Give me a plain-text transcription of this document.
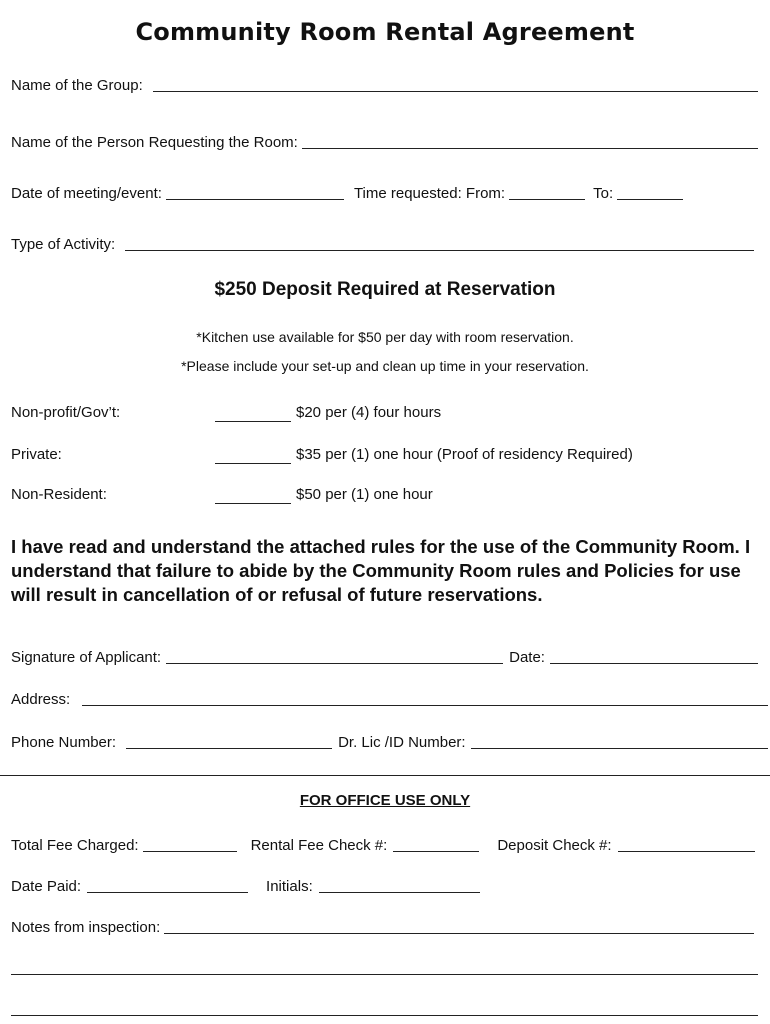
Community Room Rental Agreement
Name of the Group:
Name of the Person Requesting the Room:
Date of meeting/event:	Time requested: From:	To:
Type of Activity:
$250 Deposit Required at Reservation
*Kitchen use available for $50 per day with room reservation.
*Please include your set-up and clean up time in your reservation.
Non-profit/Gov’t:	$20 per (4) four hours
Private:	$35 per (1) one hour (Proof of residency Required)
Non-Resident:	$50 per (1) one hour
I have read and understand the attached rules for the use of the Community Room. I understand that failure to abide by the Community Room rules and Policies for use will result in cancellation of or refusal of future reservations.
Signature of Applicant:	Date:
Address:
Phone Number:	Dr. Lic /ID Number:
FOR OFFICE USE ONLY
Total Fee Charged:	Rental Fee Check #:	Deposit Check #:
Date Paid:	Initials:
Notes from inspection:
